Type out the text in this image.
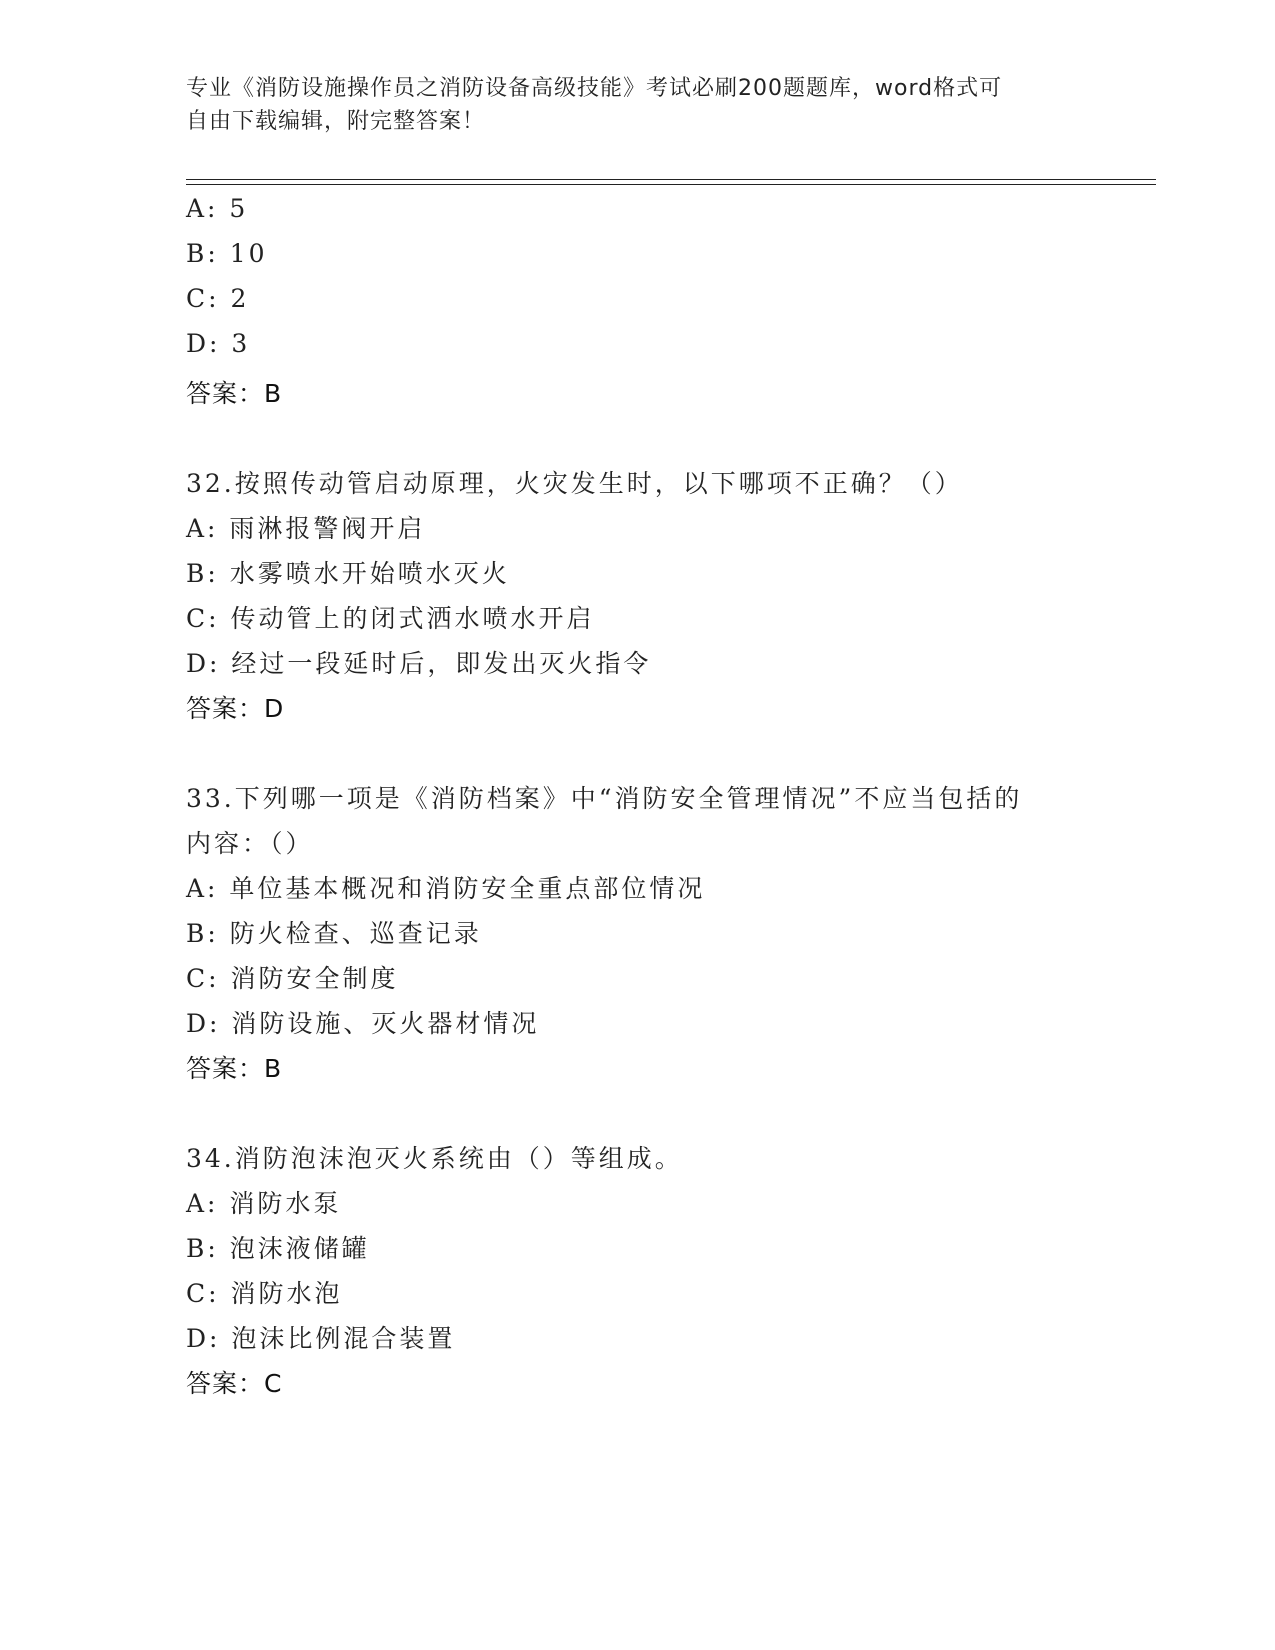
专业《消防设施操作员之消防设备高级技能》考试必刷200题题库，word格式可
自由下载编辑，附完整答案！
A: 5
B: 10
C: 2
D: 3
答案：B
32.按照传动管启动原理，火灾发生时，以下哪项不正确？（）
A: 雨淋报警阀开启
B: 水雾喷水开始喷水灭火
C: 传动管上的闭式洒水喷水开启
D: 经过一段延时后，即发出灭火指令
答案：D
33.下列哪一项是《消防档案》中“消防安全管理情况”不应当包括的
内容：（）
A: 单位基本概况和消防安全重点部位情况
B: 防火检查、巡查记录
C: 消防安全制度
D: 消防设施、灭火器材情况
答案：B
34.消防泡沫泡灭火系统由（）等组成。
A: 消防水泵
B: 泡沫液储罐
C: 消防水泡
D: 泡沫比例混合装置
答案：C
